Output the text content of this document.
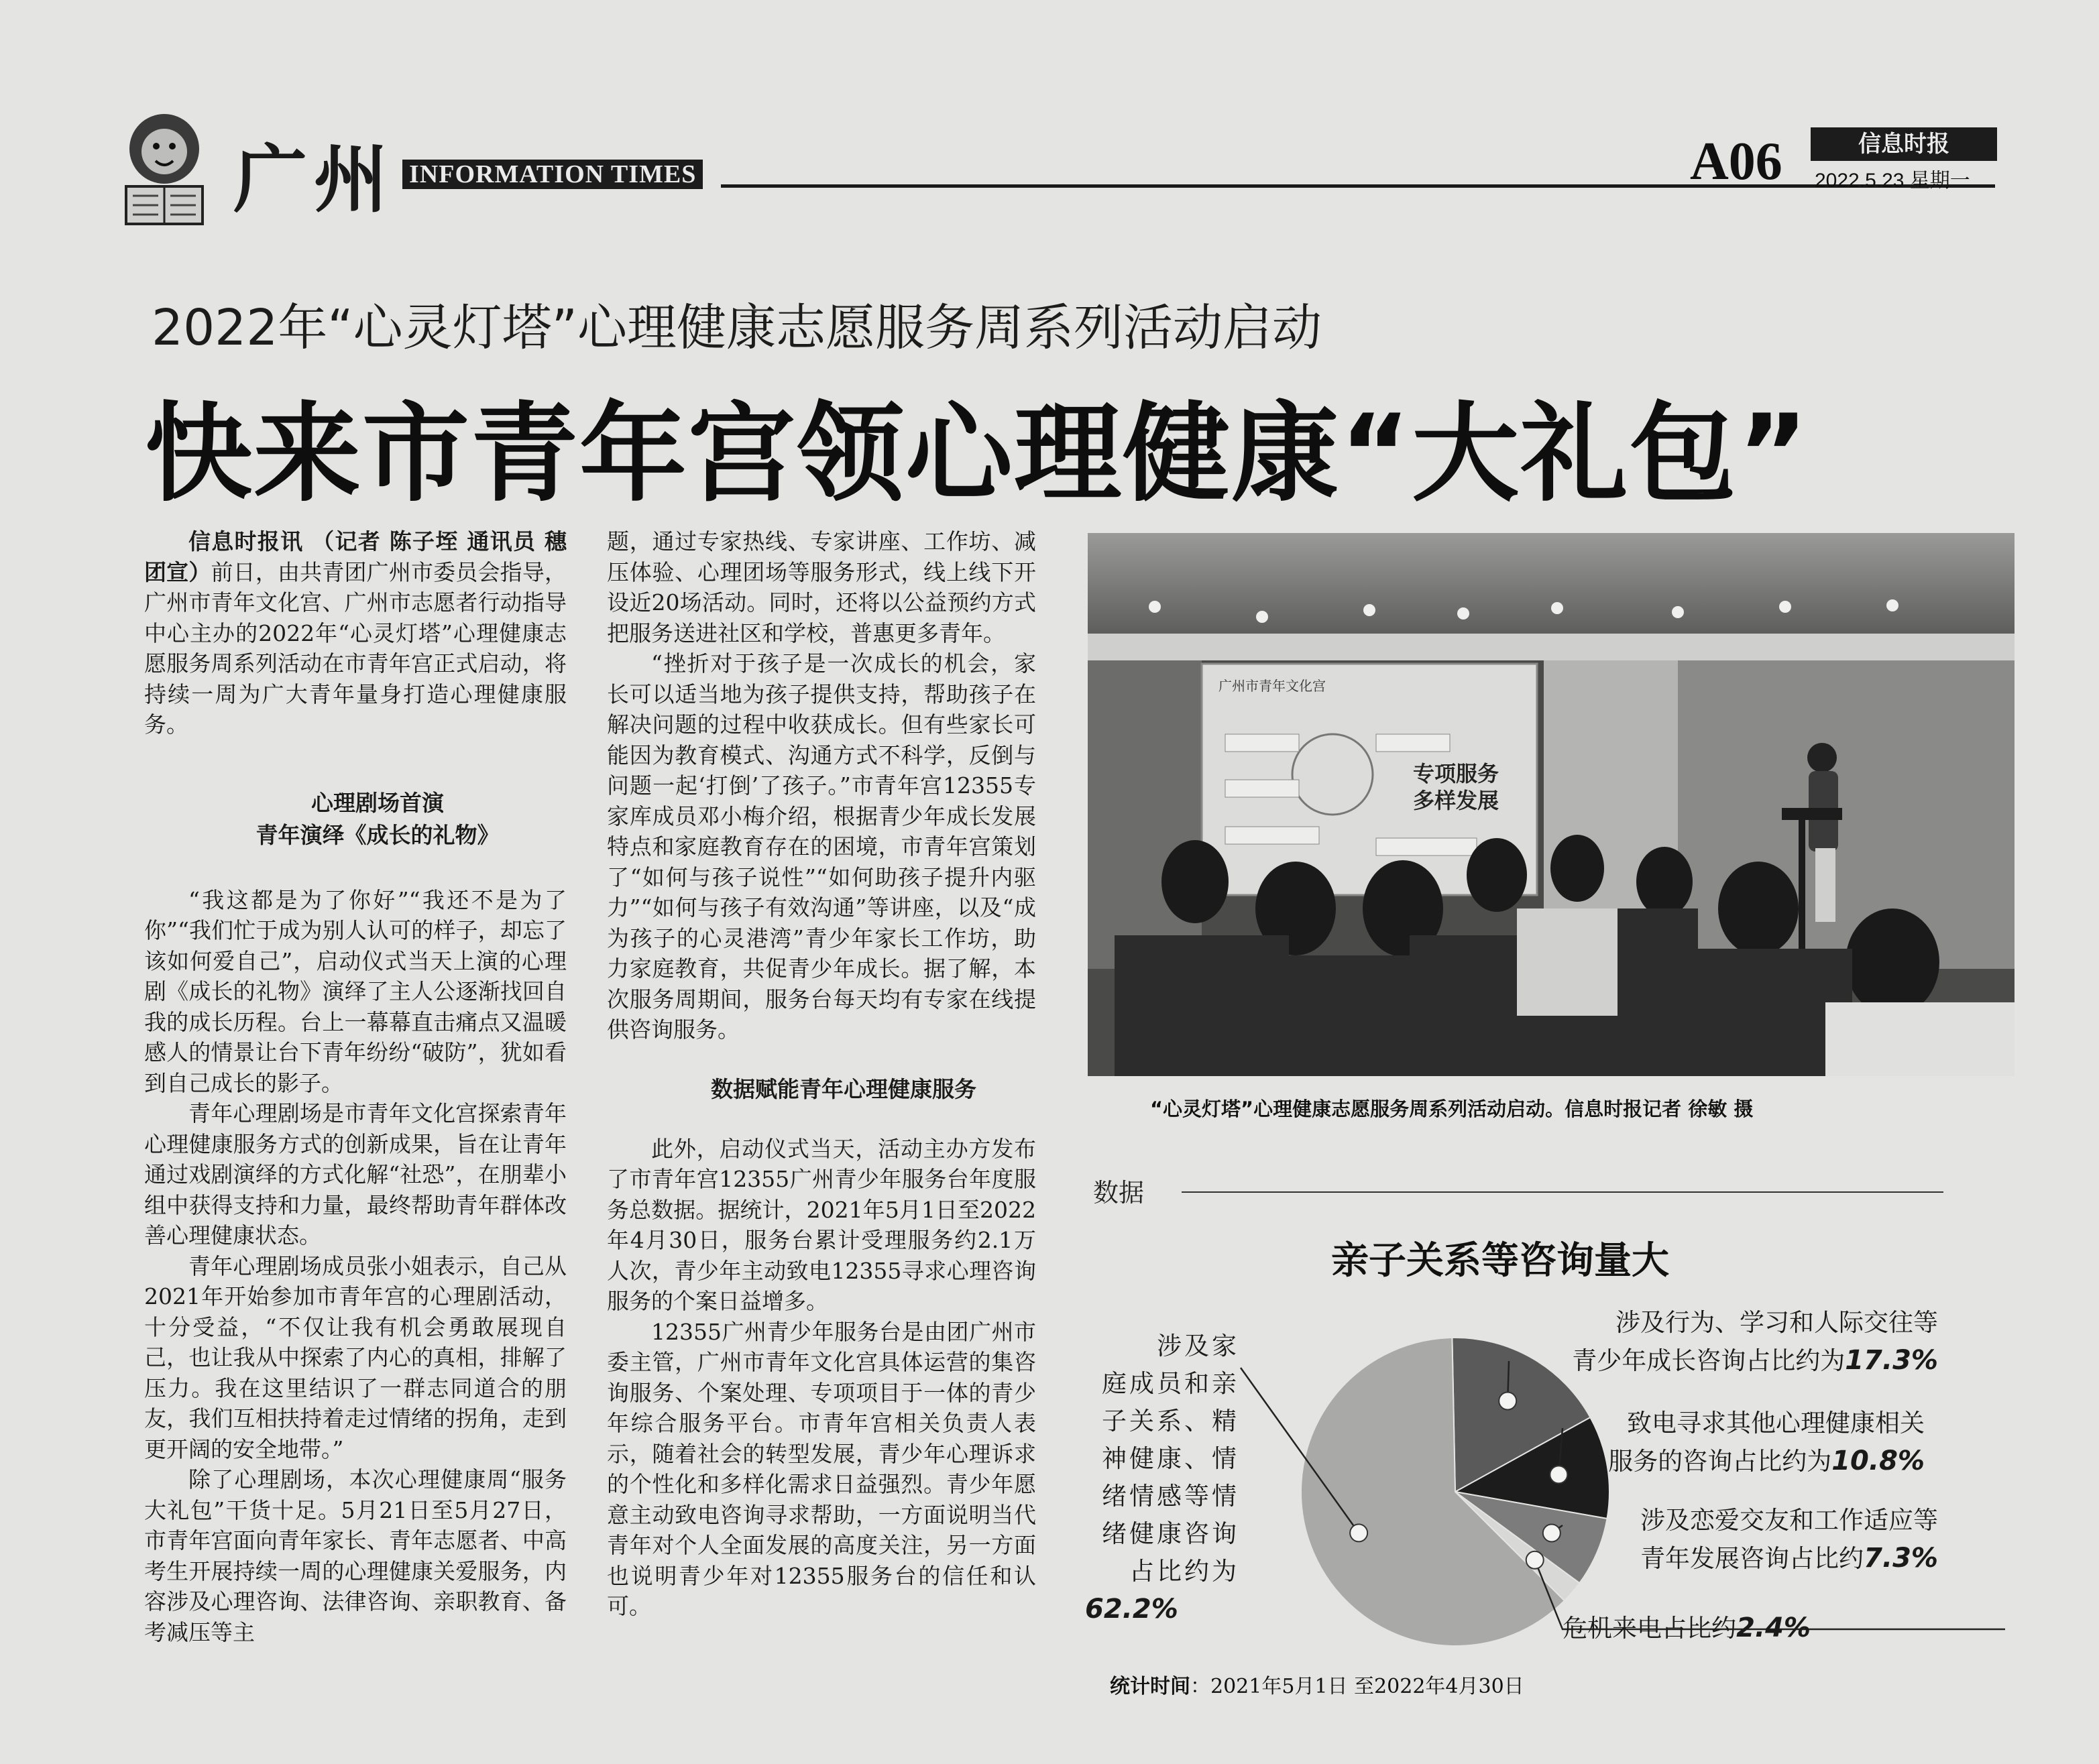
广州 INFORMATION TIMES	A06	信息时报
2022.5.23 星期一
2022年“心灵灯塔”心理健康志愿服务周系列活动启动
快来市青年宫领心理健康“大礼包”

信息时报讯 （记者 陈子垤 通讯员 穗团宣）前日，由共青团广州市委员会指导，广州市青年文化宫、广州市志愿者行动指导中心主办的2022年“心灵灯塔”心理健康志愿服务周系列活动在市青年宫正式启动，将持续一周为广大青年量身打造心理健康服务。

心理剧场首演

青年演绎《成长的礼物》

“我这都是为了你好”“我还不是为了你”“我们忙于成为别人认可的样子，却忘了该如何爱自己”，启动仪式当天上演的心理剧《成长的礼物》演绎了主人公逐渐找回自我的成长历程。台上一幕幕直击痛点又温暖感人的情景让台下青年纷纷“破防”，犹如看到自己成长的影子。

青年心理剧场是市青年文化宫探索青年心理健康服务方式的创新成果，旨在让青年通过戏剧演绎的方式化解“社恐”，在朋辈小组中获得支持和力量，最终帮助青年群体改善心理健康状态。

青年心理剧场成员张小姐表示，自己从2021年开始参加市青年宫的心理剧活动，十分受益，“不仅让我有机会勇敢展现自己，也让我从中探索了内心的真相，排解了压力。我在这里结识了一群志同道合的朋友，我们互相扶持着走过情绪的拐角，走到更开阔的安全地带。”

除了心理剧场，本次心理健康周“服务大礼包”干货十足。5月21日至5月27日，市青年宫面向青年家长、青年志愿者、中高考生开展持续一周的心理健康关爱服务，内容涉及心理咨询、法律咨询、亲职教育、备考减压等主

题，通过专家热线、专家讲座、工作坊、减压体验、心理团场等服务形式，线上线下开设近20场活动。同时，还将以公益预约方式把服务送进社区和学校，普惠更多青年。

“挫折对于孩子是一次成长的机会，家长可以适当地为孩子提供支持，帮助孩子在解决问题的过程中收获成长。但有些家长可能因为教育模式、沟通方式不科学，反倒与问题一起‘打倒’了孩子。”市青年宫12355专家库成员邓小梅介绍，根据青少年成长发展特点和家庭教育存在的困境，市青年宫策划了“如何与孩子说性”“如何助孩子提升内驱力”“如何与孩子有效沟通”等讲座，以及“成为孩子的心灵港湾”青少年家长工作坊，助力家庭教育，共促青少年成长。据了解，本次服务周期间，服务台每天均有专家在线提供咨询服务。

数据赋能青年心理健康服务

此外，启动仪式当天，活动主办方发布了市青年宫12355广州青少年服务台年度服务总数据。据统计，2021年5月1日至2022年4月30日，服务台累计受理服务约2.1万人次，青少年主动致电12355寻求心理咨询服务的个案日益增多。

12355广州青少年服务台是由团广州市委主管，广州市青年文化宫具体运营的集咨询服务、个案处理、专项项目于一体的青少年综合服务平台。市青年宫相关负责人表示，随着社会的转型发展，青少年心理诉求的个性化和多样化需求日益强烈。青少年愿意主动致电咨询寻求帮助，一方面说明当代青年对个人全面发展的高度关注，另一方面也说明青少年对12355服务台的信任和认可。

广州市青年文化宫
专项服务
多样发展
“心灵灯塔”心理健康志愿服务周系列活动启动。信息时报记者 徐敏 摄
数据
亲子关系等咨询量大
涉及家
庭成员和亲
子关系、精
神健康、情
绪情感等情
绪健康咨询
占比约为
62.2%
涉及行为、学习和人际交往等
青少年成长咨询占比约为17.3%
致电寻求其他心理健康相关
服务的咨询占比约为10.8%
涉及恋爱交友和工作适应等
青年发展咨询占比约7.3%
危机来电占比约2.4%
统计时间：2021年5月1日 至2022年4月30日
